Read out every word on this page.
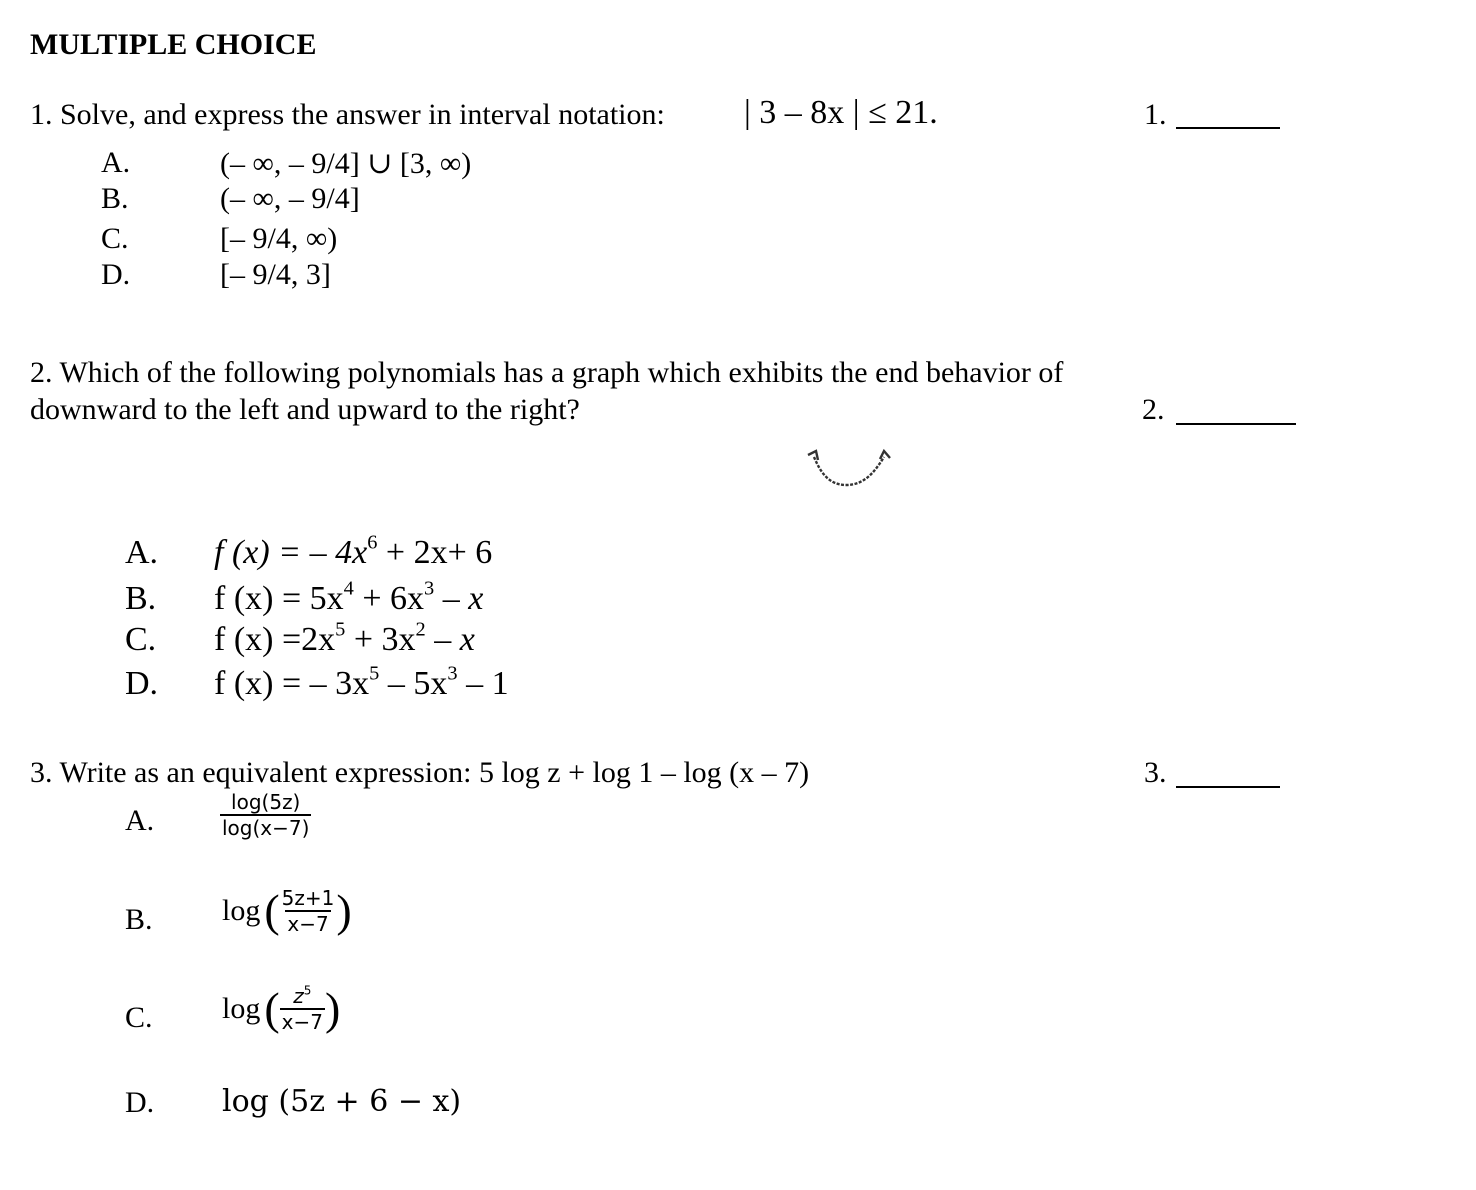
MULTIPLE CHOICE
1. Solve, and express the answer in interval notation: | 3 – 8x | ≤ 21.	1.
A.	(– ∞, – 9/4] ∪ [3, ∞)
B.	(– ∞, – 9/4]
C.	[– 9/4, ∞)
D.	[– 9/4, 3]
2. Which of the following polynomials has a graph which exhibits the end behavior of
downward to the left and upward to the right?	2.
A. f (x) = – $4x^6 + 2x+ 6$
B. f $(x) = 5x^4 + 6x^3 - x$
C. f $(x) =2x^5 + 3x^2 - x$
D. f (x) = – $3x^5 - 5x^3 - 1$
3. Write as an equivalent expression: 5 log z + log 1 – log (x – 7)	3.
A.	$\frac{\log(5z)}{\log(x-7)}$
B. log ( $\frac{5z+1}{x-7}$ )
C. log ( $\frac{z^5}{x-7}$ )
D. log (5z + 6 − x)
